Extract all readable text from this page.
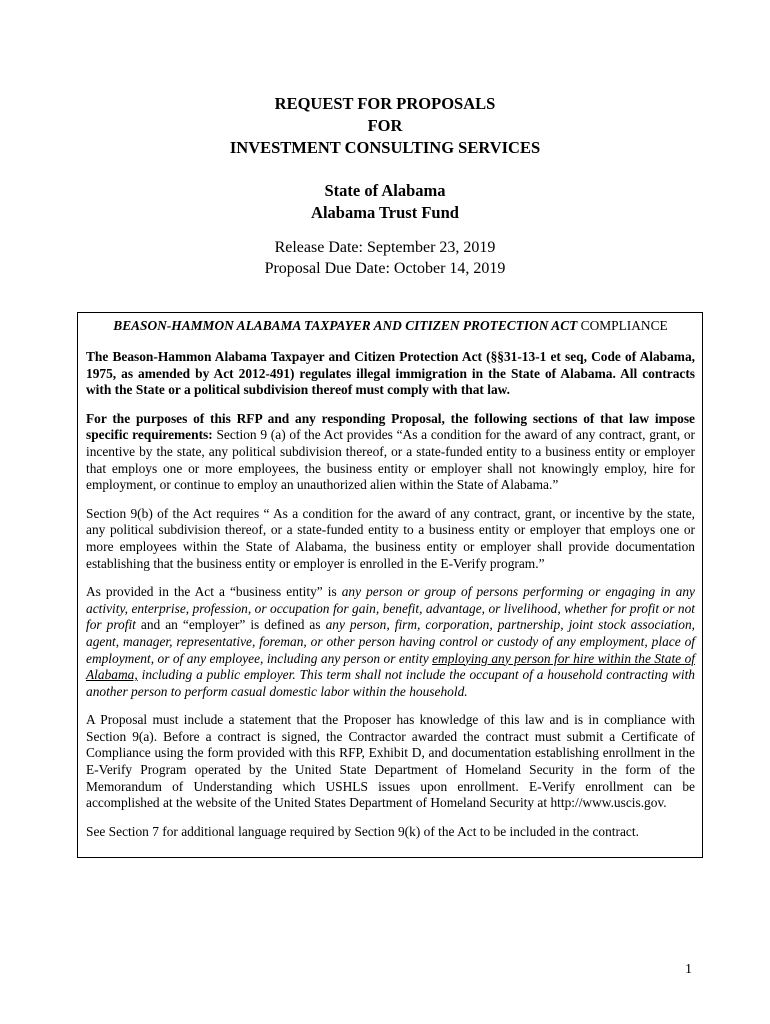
REQUEST FOR PROPOSALS
FOR
INVESTMENT CONSULTING SERVICES
State of Alabama
Alabama Trust Fund
Release Date: September 23, 2019
Proposal Due Date: October 14, 2019
BEASON-HAMMON ALABAMA TAXPAYER AND CITIZEN PROTECTION ACT COMPLIANCE

The Beason-Hammon Alabama Taxpayer and Citizen Protection Act (§§31-13-1 et seq, Code of Alabama, 1975, as amended by Act 2012-491) regulates illegal immigration in the State of Alabama. All contracts with the State or a political subdivision thereof must comply with that law.

For the purposes of this RFP and any responding Proposal, the following sections of that law impose specific requirements: Section 9 (a) of the Act provides “As a condition for the award of any contract, grant, or incentive by the state, any political subdivision thereof, or a state-funded entity to a business entity or employer that employs one or more employees, the business entity or employer shall not knowingly employ, hire for employment, or continue to employ an unauthorized alien within the State of Alabama.”

Section 9(b) of the Act requires “ As a condition for the award of any contract, grant, or incentive by the state, any political subdivision thereof, or a state-funded entity to a business entity or employer that employs one or more employees within the State of Alabama, the business entity or employer shall provide documentation establishing that the business entity or employer is enrolled in the E-Verify program.”

As provided in the Act a “business entity” is any person or group of persons performing or engaging in any activity, enterprise, profession, or occupation for gain, benefit, advantage, or livelihood, whether for profit or not for profit and an “employer” is defined as any person, firm, corporation, partnership, joint stock association, agent, manager, representative, foreman, or other person having control or custody of any employment, place of employment, or of any employee, including any person or entity employing any person for hire within the State of Alabama, including a public employer. This term shall not include the occupant of a household contracting with another person to perform casual domestic labor within the household.

A Proposal must include a statement that the Proposer has knowledge of this law and is in compliance with Section 9(a). Before a contract is signed, the Contractor awarded the contract must submit a Certificate of Compliance using the form provided with this RFP, Exhibit D, and documentation establishing enrollment in the E-Verify Program operated by the United State Department of Homeland Security in the form of the Memorandum of Understanding which USHLS issues upon enrollment. E-Verify enrollment can be accomplished at the website of the United States Department of Homeland Security at http://www.uscis.gov.

See Section 7 for additional language required by Section 9(k) of the Act to be included in the contract.

1
